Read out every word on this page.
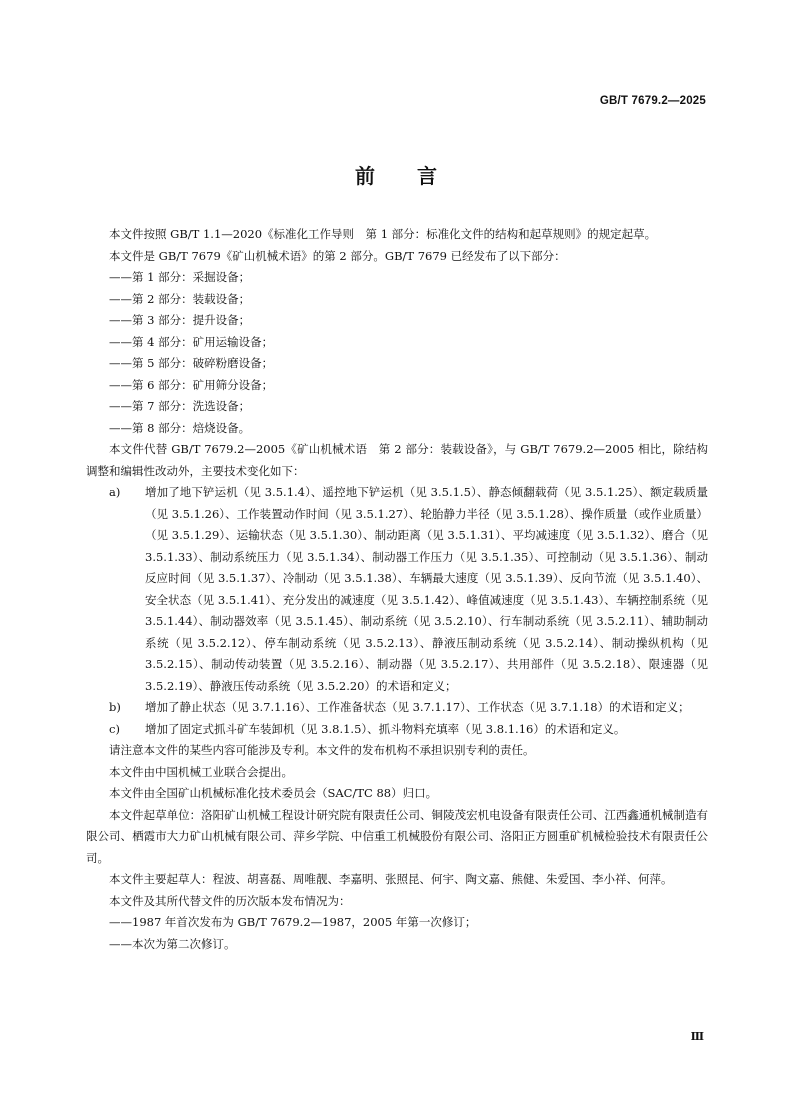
GB/T 7679.2—2025
前言
本文件按照 GB/T 1.1—2020《标准化工作导则　第 1 部分：标准化文件的结构和起草规则》的规定起草。
本文件是 GB/T 7679《矿山机械术语》的第 2 部分。GB/T 7679 已经发布了以下部分：
——第 1 部分：采掘设备；
——第 2 部分：装载设备；
——第 3 部分：提升设备；
——第 4 部分：矿用运输设备；
——第 5 部分：破碎粉磨设备；
——第 6 部分：矿用筛分设备；
——第 7 部分：洗选设备；
——第 8 部分：焙烧设备。
本文件代替 GB/T 7679.2—2005《矿山机械术语　第 2 部分：装载设备》，与 GB/T 7679.2—2005 相比，除结构调整和编辑性改动外，主要技术变化如下：
a)	增加了地下铲运机（见 3.5.1.4）、遥控地下铲运机（见 3.5.1.5）、静态倾翻载荷（见 3.5.1.25）、额定载质量（见 3.5.1.26）、工作装置动作时间（见 3.5.1.27）、轮胎静力半径（见 3.5.1.28）、操作质量（或作业质量）（见 3.5.1.29）、运输状态（见 3.5.1.30）、制动距离（见 3.5.1.31）、平均减速度（见 3.5.1.32）、磨合（见 3.5.1.33）、制动系统压力（见 3.5.1.34）、制动器工作压力（见 3.5.1.35）、可控制动（见 3.5.1.36）、制动反应时间（见 3.5.1.37）、冷制动（见 3.5.1.38）、车辆最大速度（见 3.5.1.39）、反向节流（见 3.5.1.40）、安全状态（见 3.5.1.41）、充分发出的减速度（见 3.5.1.42）、峰值减速度（见 3.5.1.43）、车辆控制系统（见 3.5.1.44）、制动器效率（见 3.5.1.45）、制动系统（见 3.5.2.10）、行车制动系统（见 3.5.2.11）、辅助制动系统（见 3.5.2.12）、停车制动系统（见 3.5.2.13）、静液压制动系统（见 3.5.2.14）、制动操纵机构（见 3.5.2.15）、制动传动装置（见 3.5.2.16）、制动器（见 3.5.2.17）、共用部件（见 3.5.2.18）、限速器（见 3.5.2.19）、静液压传动系统（见 3.5.2.20）的术语和定义；
b)	增加了静止状态（见 3.7.1.16）、工作准备状态（见 3.7.1.17）、工作状态（见 3.7.1.18）的术语和定义；
c)	增加了固定式抓斗矿车装卸机（见 3.8.1.5）、抓斗物料充填率（见 3.8.1.16）的术语和定义。
请注意本文件的某些内容可能涉及专利。本文件的发布机构不承担识别专利的责任。
本文件由中国机械工业联合会提出。
本文件由全国矿山机械标准化技术委员会（SAC/TC 88）归口。
本文件起草单位：洛阳矿山机械工程设计研究院有限责任公司、铜陵茂宏机电设备有限责任公司、江西鑫通机械制造有限公司、栖霞市大力矿山机械有限公司、萍乡学院、中信重工机械股份有限公司、洛阳正方圆重矿机械检验技术有限责任公司。
本文件主要起草人：程波、胡喜磊、周唯靓、李嘉明、张照昆、何宇、陶文嘉、熊健、朱爱国、李小祥、何萍。
本文件及其所代替文件的历次版本发布情况为：
——1987 年首次发布为 GB/T 7679.2—1987，2005 年第一次修订；
——本次为第二次修订。
Ⅲ
